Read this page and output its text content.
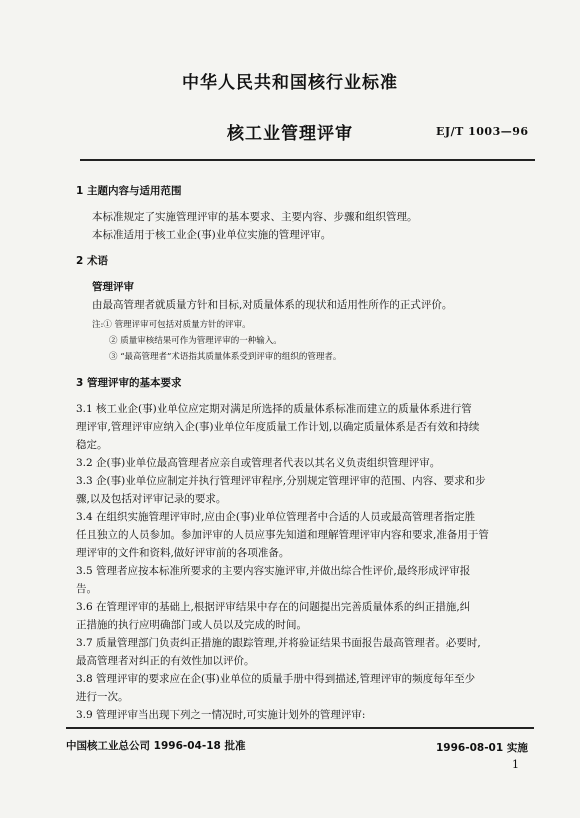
中华人民共和国核行业标准
核工业管理评审	EJ/T 1003—96
1 主题内容与适用范围
本标准规定了实施管理评审的基本要求、主要内容、步骤和组织管理。
本标准适用于核工业企(事)业单位实施的管理评审。
2 术语
管理评审
由最高管理者就质量方针和目标,对质量体系的现状和适用性所作的正式评价。
注:① 管理评审可包括对质量方针的评审。
② 质量审核结果可作为管理评审的一种输入。
③ “最高管理者”术语指其质量体系受到评审的组织的管理者。
3 管理评审的基本要求
3.1 核工业企(事)业单位应定期对满足所选择的质量体系标准而建立的质量体系进行管
理评审,管理评审应纳入企(事)业单位年度质量工作计划,以确定质量体系是否有效和持续
稳定。
3.2 企(事)业单位最高管理者应亲自或管理者代表以其名义负责组织管理评审。
3.3 企(事)业单位应制定并执行管理评审程序,分别规定管理评审的范围、内容、要求和步
骤,以及包括对评审记录的要求。
3.4 在组织实施管理评审时,应由企(事)业单位管理者中合适的人员或最高管理者指定胜
任且独立的人员参加。参加评审的人员应事先知道和理解管理评审内容和要求,准备用于管
理评审的文件和资料,做好评审前的各项准备。
3.5 管理者应按本标准所要求的主要内容实施评审,并做出综合性评价,最终形成评审报
告。
3.6 在管理评审的基础上,根据评审结果中存在的问题提出完善质量体系的纠正措施,纠
正措施的执行应明确部门或人员以及完成的时间。
3.7 质量管理部门负责纠正措施的跟踪管理,并将验证结果书面报告最高管理者。必要时,
最高管理者对纠正的有效性加以评价。
3.8 管理评审的要求应在企(事)业单位的质量手册中得到描述,管理评审的频度每年至少
进行一次。
3.9 管理评审当出现下列之一情况时,可实施计划外的管理评审:
中国核工业总公司 1996-04-18 批准	1996-08-01 实施
1
